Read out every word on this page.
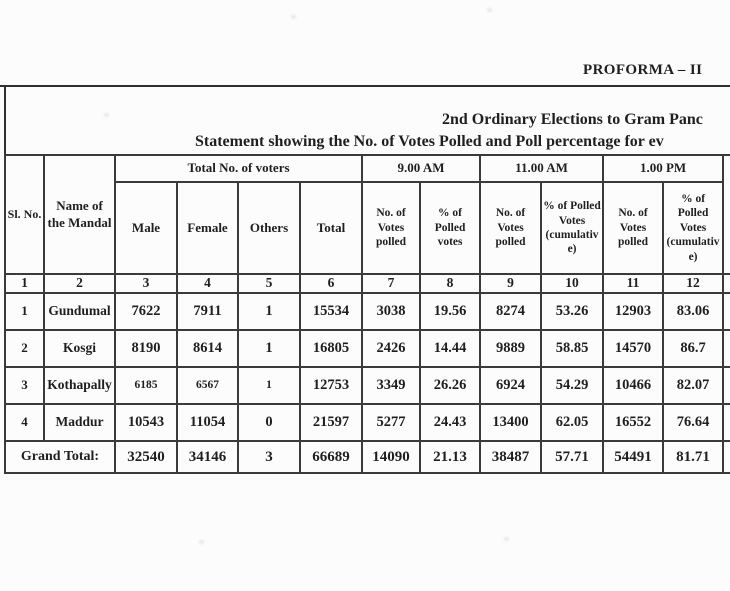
PROFORMA – II
2nd Ordinary Elections to Gram Panc
Statement showing the No. of Votes Polled and Poll percentage for ev
Sl. No.	Name of the Mandal	Total No. of voters				9.00 AM		11.00 AM		1.00 PM		
		Male	Female	Others	Total	No. of Votes polled	% of Polled votes	No. of Votes polled	% of Polled Votes (cumulative)	No. of Votes polled	% of Polled Votes (cumulative)	
1	2	3	4	5	6	7	8	9	10	11	12	
1	Gundumal	7622	7911	1	15534	3038	19.56	8274	53.26	12903	83.06	
2	Kosgi	8190	8614	1	16805	2426	14.44	9889	58.85	14570	86.7	
3	Kothapally	6185	6567	1	12753	3349	26.26	6924	54.29	10466	82.07	
4	Maddur	10543	11054	0	21597	5277	24.43	13400	62.05	16552	76.64	
Grand Total:		32540	34146	3	66689	14090	21.13	38487	57.71	54491	81.71	
